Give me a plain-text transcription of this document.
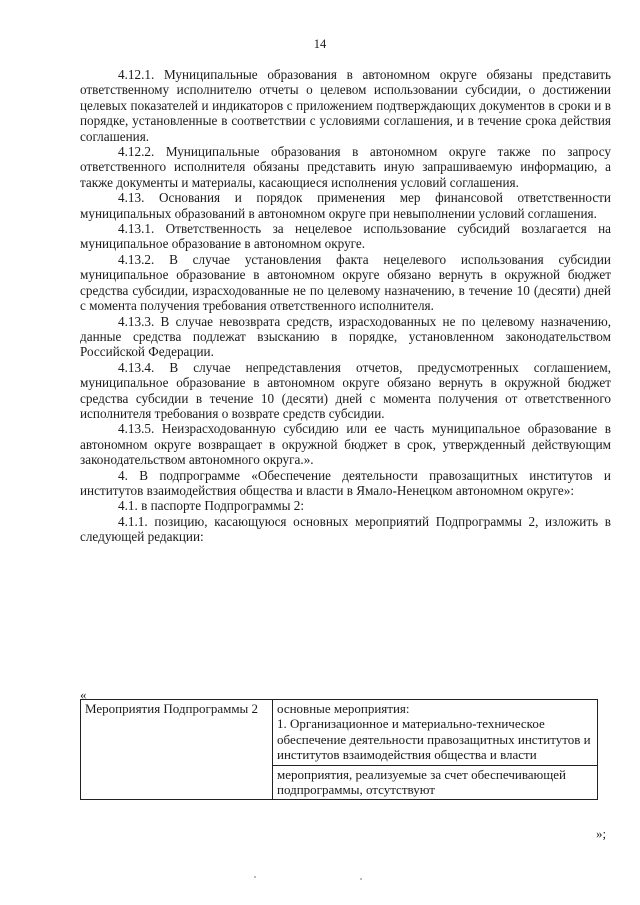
14

4.12.1. Муниципальные образования в автономном округе обязаны представить ответственному исполнителю отчеты о целевом использовании субсидии, о достижении целевых показателей и индикаторов с приложением подтверждающих документов в сроки и в порядке, установленные в соответствии с условиями соглашения, и в течение срока действия соглашения.

4.12.2. Муниципальные образования в автономном округе также по запросу ответственного исполнителя обязаны представить иную запрашиваемую информацию, а также документы и материалы, касающиеся исполнения условий соглашения.

4.13. Основания и порядок применения мер финансовой ответственности муниципальных образований в автономном округе при невыполнении условий соглашения.

4.13.1. Ответственность за нецелевое использование субсидий возлагается на муниципальное образование в автономном округе.

4.13.2. В случае установления факта нецелевого использования субсидии муниципальное образование в автономном округе обязано вернуть в окружной бюджет средства субсидии, израсходованные не по целевому назначению, в течение 10 (десяти) дней с момента получения требования ответственного исполнителя.

4.13.3. В случае невозврата средств, израсходованных не по целевому назначению, данные средства подлежат взысканию в порядке, установленном законодательством Российской Федерации.

4.13.4. В случае непредставления отчетов, предусмотренных соглашением, муниципальное образование в автономном округе обязано вернуть в окружной бюджет средства субсидии в течение 10 (десяти) дней с момента получения от ответственного исполнителя требования о возврате средств субсидии.

4.13.5. Неизрасходованную субсидию или ее часть муниципальное образование в автономном округе возвращает в окружной бюджет в срок, утвержденный действующим законодательством автономного округа.».

4. В подпрограмме «Обеспечение деятельности правозащитных институтов и институтов взаимодействия общества и власти в Ямало-Ненецком автономном округе»:

4.1. в паспорте Подпрограммы 2:

4.1.1. позицию, касающуюся основных мероприятий Подпрограммы 2, изложить в следующей редакции:

«
Мероприятия Подпрограммы 2	основные мероприятия:
1. Организационное и материально-техническое обеспечение деятельности правозащитных институтов и институтов взаимодействия общества и власти

мероприятия, реализуемые за счет обеспечивающей подпрограммы, отсутствуют
»;
